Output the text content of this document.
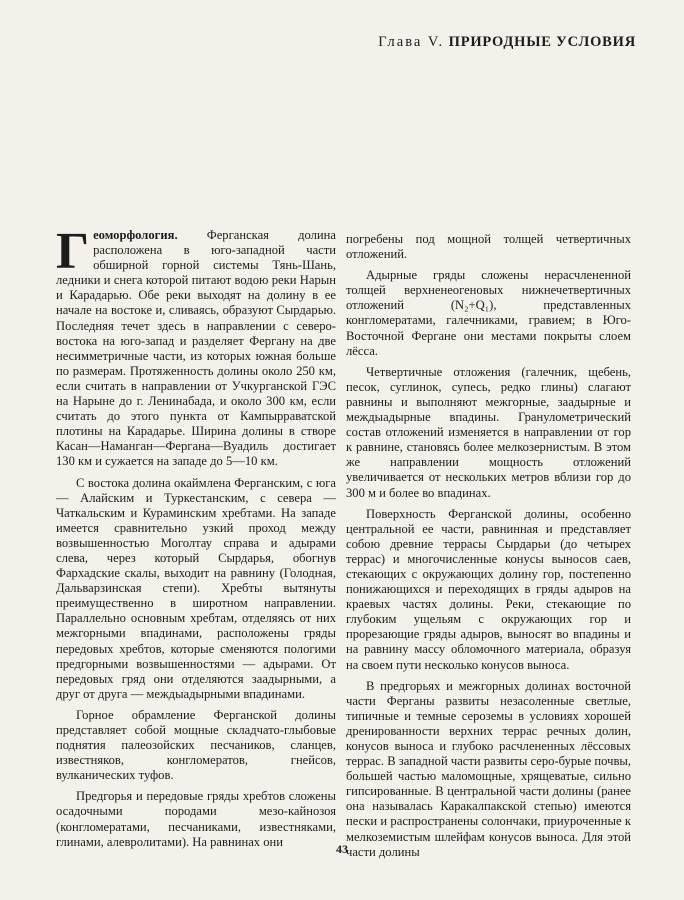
Глава V. ПРИРОДНЫЕ УСЛОВИЯ

Геоморфология. Ферганская долина расположена в юго-западной части обширной горной системы Тянь-Шань, ледники и снега которой питают водою реки Нарын и Карадарью. Обе реки выходят на долину в ее начале на востоке и, сливаясь, образуют Сырдарью. Последняя течет здесь в направлении с северо-востока на юго-запад и разделяет Фергану на две несимметричные части, из которых южная больше по размерам. Протяженность долины около 250 км, если считать в направлении от Учкурганской ГЭС на Нарыне до г. Ленинабада, и около 300 км, если считать до этого пункта от Кампырраватской плотины на Карадарье. Ширина долины в створе Касан—Наманган—Фергана—Вуадиль достигает 130 км и сужается на западе до 5—10 км.

С востока долина окаймлена Ферганским, с юга — Алайским и Туркестанским, с севера — Чаткальским и Кураминским хребтами. На западе имеется сравнительно узкий проход между возвышенностью Моголтау справа и адырами слева, через который Сырдарья, обогнув Фархадские скалы, выходит на равнину (Голодная, Дальварзинская степи). Хребты вытянуты преимущественно в широтном направлении. Параллельно основным хребтам, отделяясь от них межгорными впадинами, расположены гряды передовых хребтов, которые сменяются пологими предгорными возвышенностями — адырами. От передовых гряд они отделяются заадырными, а друг от друга — междыадырными впадинами.

Горное обрамление Ферганской долины представляет собой мощные складчато-глыбовые поднятия палеозойских песчаников, сланцев, известняков, конгломератов, гнейсов, вулканических туфов.

Предгорья и передовые гряды хребтов сложены осадочными породами мезо-кайнозоя (конгломератами, песчаниками, известняками, глинами, алевролитами). На равнинах они

погребены под мощной толщей четвертичных отложений.

Адырные гряды сложены нерасчлененной толщей верхненеогеновых нижнечетвертичных отложений (N₂+Q₁), представленных конгломератами, галечниками, гравием; в Юго-Восточной Фергане они местами покрыты слоем лёсса.

Четвертичные отложения (галечник, щебень, песок, суглинок, супесь, редко глины) слагают равнины и выполняют межгорные, заадырные и междыадырные впадины. Гранулометрический состав отложений изменяется в направлении от гор к равнине, становясь более мелкозернистым. В этом же направлении мощность отложений увеличивается от нескольких метров вблизи гор до 300 м и более во впадинах.

Поверхность Ферганской долины, особенно центральной ее части, равнинная и представляет собою древние террасы Сырдарьи (до четырех террас) и многочисленные конусы выносов саев, стекающих с окружающих долину гор, постепенно понижающихся и переходящих в гряды адыров на краевых частях долины. Реки, стекающие по глубоким ущельям с окружающих гор и прорезающие гряды адыров, выносят во впадины и на равнину массу обломочного материала, образуя на своем пути несколько конусов выноса.

В предгорьях и межгорных долинах восточной части Ферганы развиты незасоленные светлые, типичные и темные сероземы в условиях хорошей дренированности верхних террас речных долин, конусов выноса и глубоко расчлененных лёссовых террас. В западной части развиты серо-бурые почвы, большей частью маломощные, хрящеватые, сильно гипсированные. В центральной части долины (ранее она называлась Каракалпакской степью) имеются пески и распространены солончаки, приуроченные к мелкоземистым шлейфам конусов выноса. Для этой части долины

43
